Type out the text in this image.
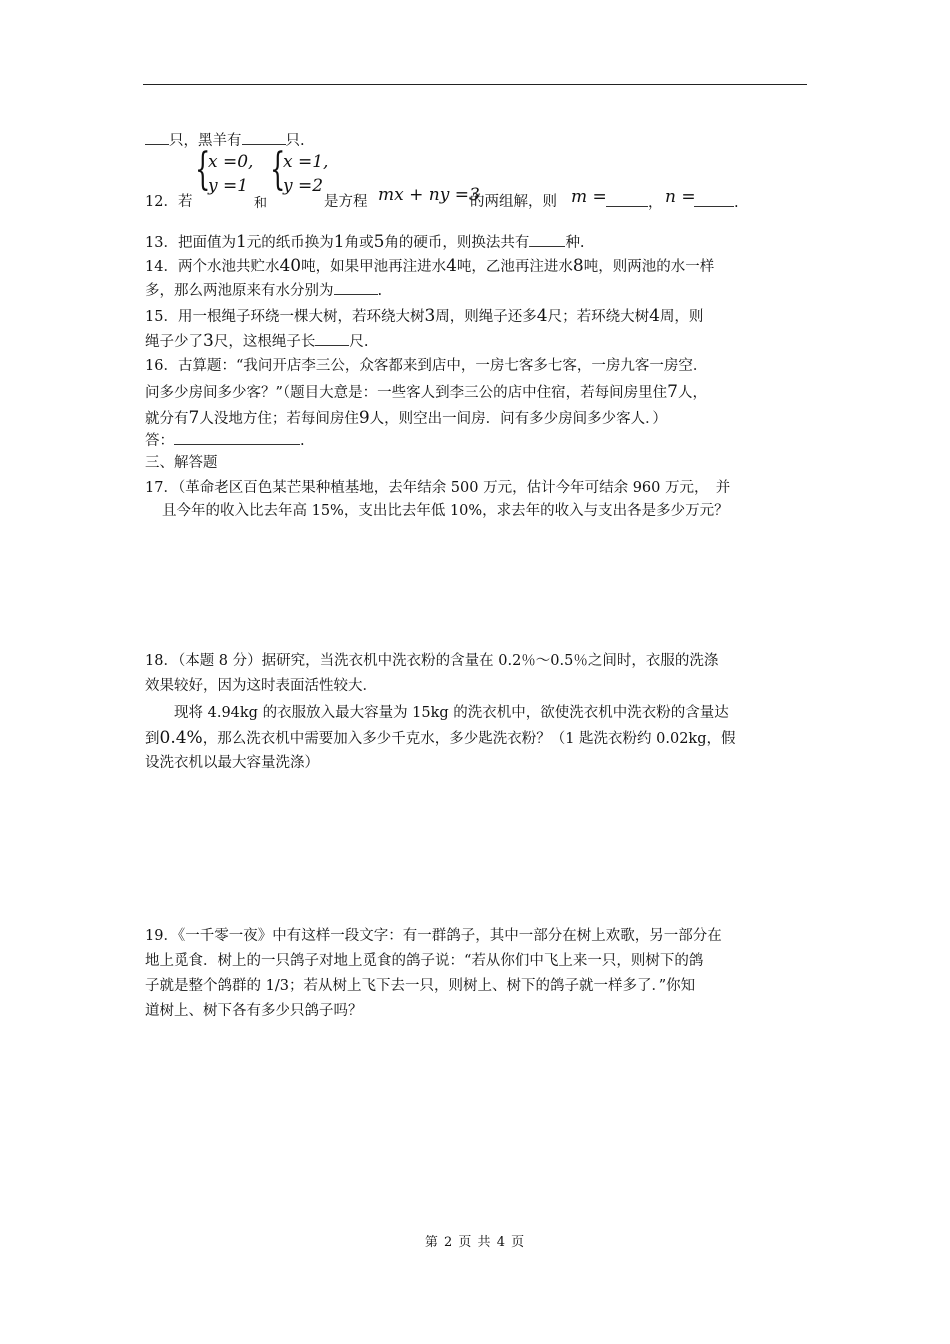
只，黑羊有	只.
12．若
{
x =0,
y =1
和
{
x =1,
y =2
是方程 mx + ny =3
的两组解，则 m =	， n =	.
13．把面值为1元的纸币换为1角或5角的硬币，则换法共有 种.
14．两个水池共贮水40吨，如果甲池再注进水4吨，乙池再注进水8吨，则两池的水一样
多，那么两池原来有水分别为	.
15．用一根绳子环绕一棵大树，若环绕大树3周，则绳子还多4尺；若环绕大树4周，则
绳子少了3尺，这根绳子长 尺.
16．古算题：“我问开店李三公，众客都来到店中，一房七客多七客，一房九客一房空．
问多少房间多少客？”（题目大意是：一些客人到李三公的店中住宿，若每间房里住7人，
就分有7人没地方住；若每间房住9人，则空出一间房．问有多少房间多少客人．）
答：	.
三、解答题
17．（革命老区百色某芒果种植基地，去年结余 500 万元，估计今年可结余 960 万元，　并
且今年的收入比去年高 15%，支出比去年低 10%，求去年的收入与支出各是多少万元？
18．（本题 8 分）据研究，当洗衣机中洗衣粉的含量在 0.2％～0.5％之间时，衣服的洗涤
效果较好，因为这时表面活性较大．
　　现将 4.94kg 的衣服放入最大容量为 15kg 的洗衣机中，欲使洗衣机中洗衣粉的含量达
到0.4%，那么洗衣机中需要加入多少千克水，多少匙洗衣粉？（1 匙洗衣粉约 0.02kg，假
设洗衣机以最大容量洗涤）
19．《一千零一夜》中有这样一段文字：有一群鸽子，其中一部分在树上欢歌，另一部分在
地上觅食．树上的一只鸽子对地上觅食的鸽子说：“若从你们中飞上来一只，则树下的鸽
子就是整个鸽群的 1/3；若从树上飞下去一只，则树上、树下的鸽子就一样多了．”你知
道树上、树下各有多少只鸽子吗？
第 2 页 共 4 页
